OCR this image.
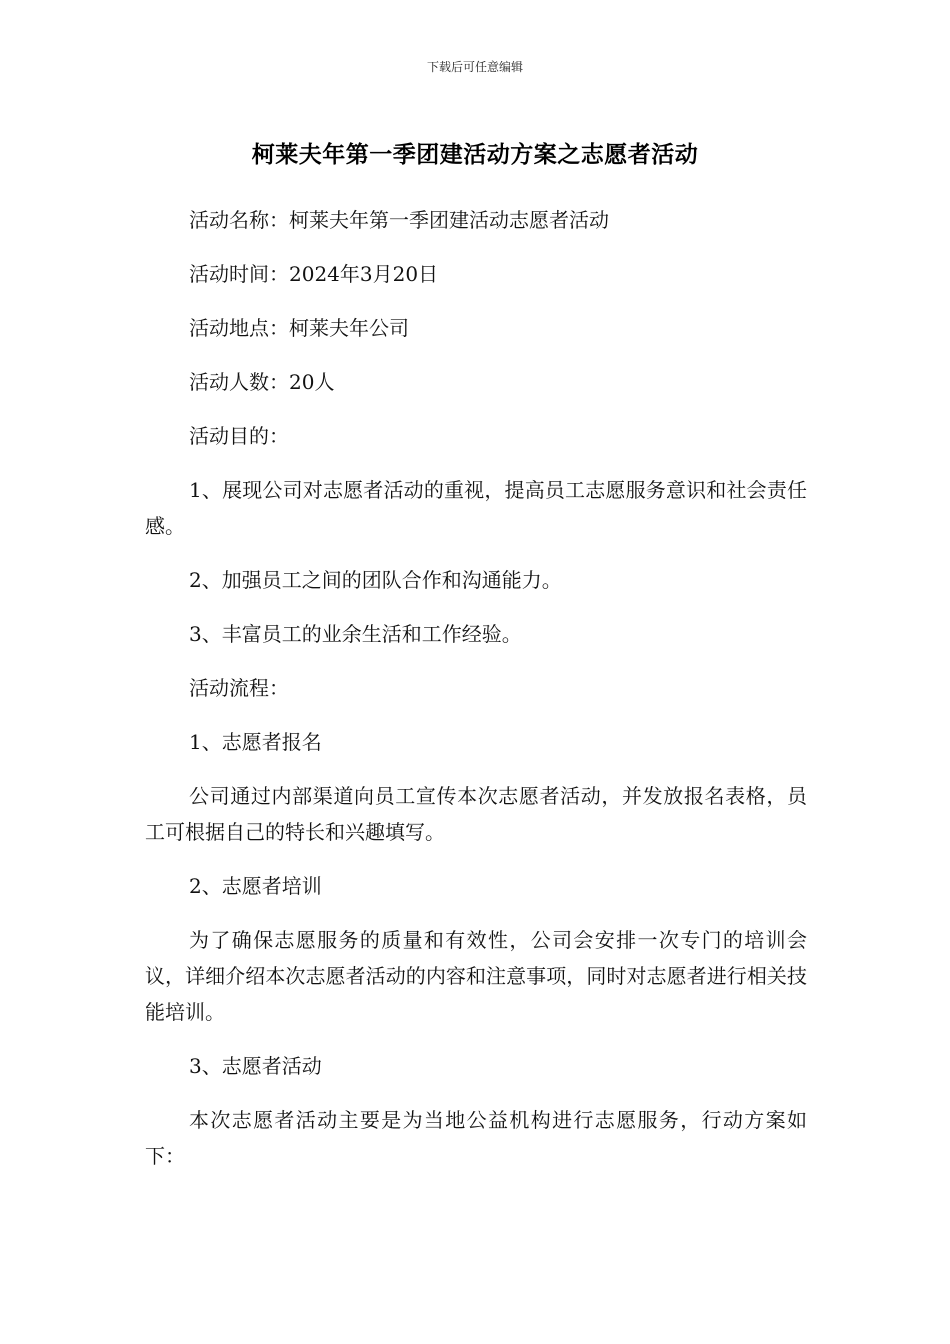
下载后可任意编辑
柯莱夫年第一季团建活动方案之志愿者活动

活动名称：柯莱夫年第一季团建活动志愿者活动

活动时间：2024年3月20日

活动地点：柯莱夫年公司

活动人数：20人

活动目的：

1、展现公司对志愿者活动的重视，提高员工志愿服务意识和社会责任感。

2、加强员工之间的团队合作和沟通能力。

3、丰富员工的业余生活和工作经验。

活动流程：

1、志愿者报名

公司通过内部渠道向员工宣传本次志愿者活动，并发放报名表格，员工可根据自己的特长和兴趣填写。

2、志愿者培训

为了确保志愿服务的质量和有效性，公司会安排一次专门的培训会议，详细介绍本次志愿者活动的内容和注意事项，同时对志愿者进行相关技能培训。

3、志愿者活动

本次志愿者活动主要是为当地公益机构进行志愿服务，行动方案如下：
